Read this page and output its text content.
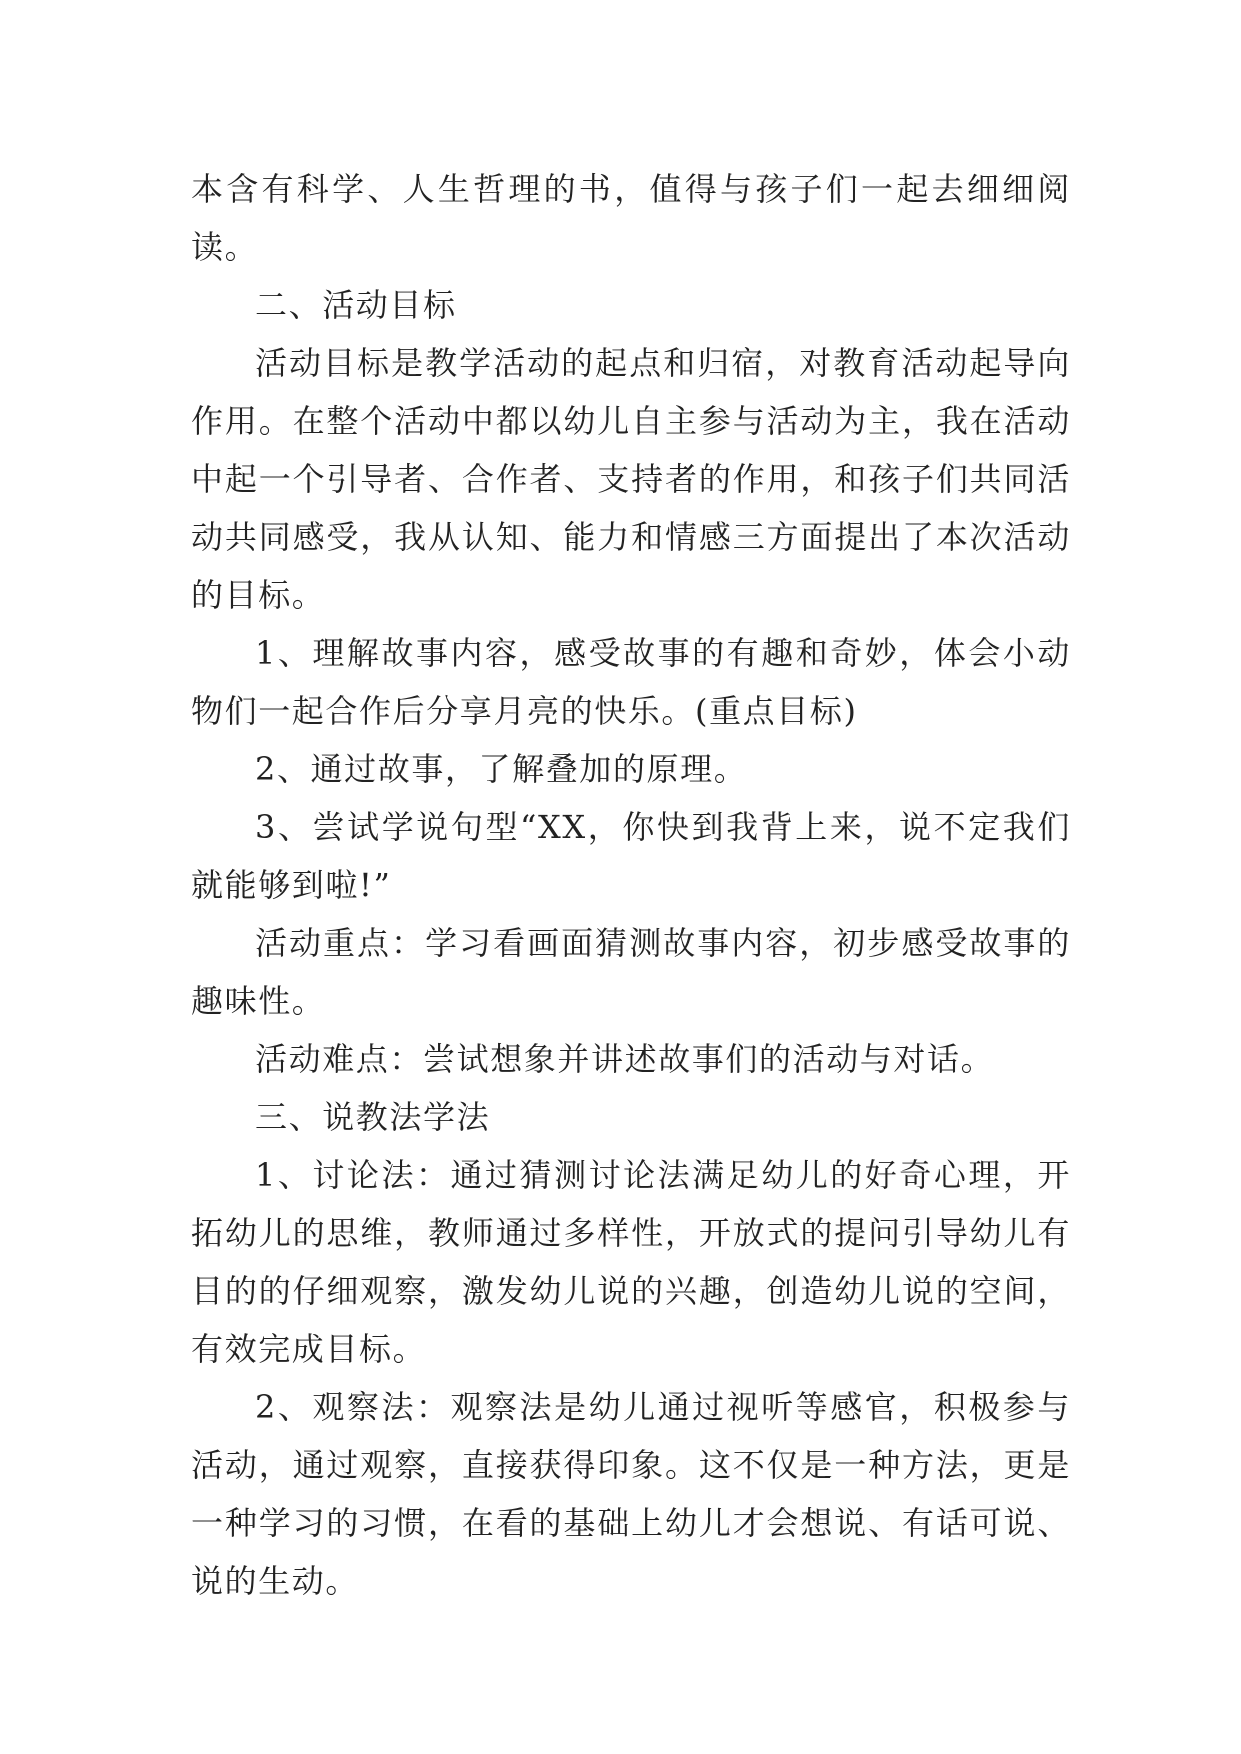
本含有科学、人生哲理的书，值得与孩子们一起去细细阅读。

二、活动目标

活动目标是教学活动的起点和归宿，对教育活动起导向作用。在整个活动中都以幼儿自主参与活动为主，我在活动中起一个引导者、合作者、支持者的作用，和孩子们共同活动共同感受，我从认知、能力和情感三方面提出了本次活动的目标。

1、理解故事内容，感受故事的有趣和奇妙，体会小动物们一起合作后分享月亮的快乐。(重点目标)

2、通过故事，了解叠加的原理。

3、尝试学说句型“XX，你快到我背上来，说不定我们就能够到啦!”

活动重点：学习看画面猜测故事内容，初步感受故事的趣味性。

活动难点：尝试想象并讲述故事们的活动与对话。

三、说教法学法

1、讨论法：通过猜测讨论法满足幼儿的好奇心理，开拓幼儿的思维，教师通过多样性，开放式的提问引导幼儿有目的的仔细观察，激发幼儿说的兴趣，创造幼儿说的空间，有效完成目标。

2、观察法：观察法是幼儿通过视听等感官，积极参与活动，通过观察，直接获得印象。这不仅是一种方法，更是一种学习的习惯，在看的基础上幼儿才会想说、有话可说、说的生动。
